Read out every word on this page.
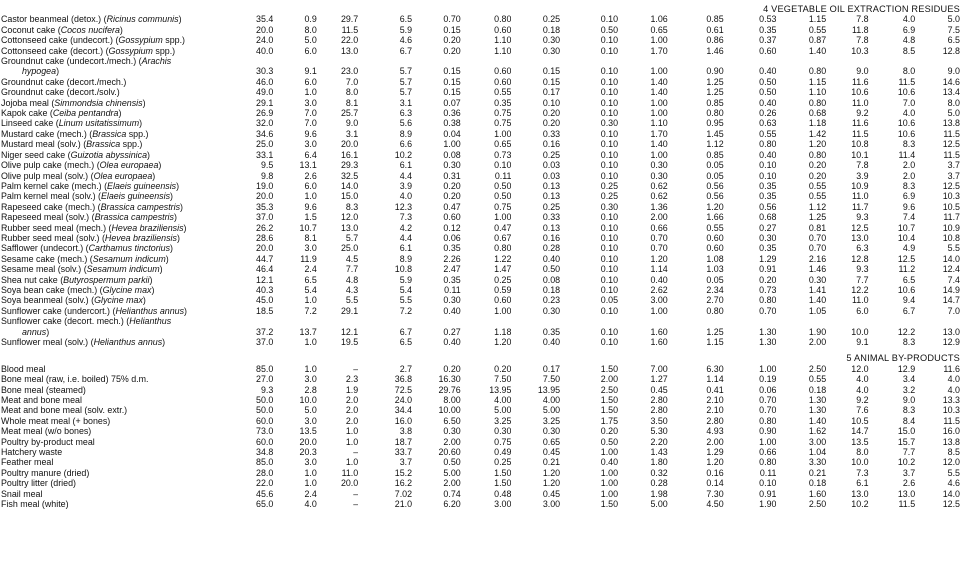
4 VEGETABLE OIL EXTRACTION RESIDUES															
Castor beanmeal (detox.) (Ricinus communis)	35.4	0.9	29.7	6.5	0.70	0.80	0.25	0.10	1.06	0.85	0.53	1.15	7.8	4.0	5.0
Coconut cake (Cocos nucifera)	20.0	8.0	11.5	5.9	0.15	0.60	0.18	0.50	0.65	0.61	0.35	0.55	11.8	6.9	7.5
Cottonseed cake (undecort.) (Gossypium spp.)	24.0	5.0	22.0	4.6	0.20	1.10	0.30	0.10	1.00	0.86	0.37	0.87	7.8	4.8	6.5
Cottonseed cake (decort.) (Gossypium spp.)	40.0	6.0	13.0	6.7	0.20	1.10	0.30	0.10	1.70	1.46	0.60	1.40	10.3	8.5	12.8
Groundnut cake (undecort./mech.) (Arachis															
hypogea)	30.3	9.1	23.0	5.7	0.15	0.60	0.15	0.10	1.00	0.90	0.40	0.80	9.0	8.0	9.0
Groundnut cake (decort./mech.)	46.0	6.0	7.0	5.7	0.15	0.60	0.15	0.10	1.40	1.25	0.50	1.15	11.6	11.5	14.6
Groundnut cake (decort./solv.)	49.0	1.0	8.0	5.7	0.15	0.55	0.17	0.10	1.40	1.25	0.50	1.10	10.6	10.6	13.4
Jojoba meal (Simmondsia chinensis)	29.1	3.0	8.1	3.1	0.07	0.35	0.10	0.10	1.00	0.85	0.40	0.80	11.0	7.0	8.0
Kapok cake (Ceiba pentandra)	26.9	7.0	25.7	6.3	0.36	0.75	0.20	0.10	1.00	0.80	0.26	0.68	9.2	4.0	5.0
Linseed cake (Linum usitatissimum)	32.0	7.0	9.0	5.6	0.38	0.75	0.20	0.30	1.10	0.95	0.63	1.18	11.6	10.6	13.8
Mustard cake (mech.) (Brassica spp.)	34.6	9.6	3.1	8.9	0.04	1.00	0.33	0.10	1.70	1.45	0.55	1.42	11.5	10.6	11.5
Mustard meal (solv.) (Brassica spp.)	25.0	3.0	20.0	6.6	1.00	0.65	0.16	0.10	1.40	1.12	0.80	1.20	10.8	8.3	12.5
Niger seed cake (Guizotia abyssinica)	33.1	6.4	16.1	10.2	0.08	0.73	0.25	0.10	1.00	0.85	0.40	0.80	10.1	11.4	11.5
Olive pulp cake (mech.) (Olea europaea)	9.5	13.1	29.3	6.1	0.30	0.10	0.03	0.10	0.30	0.05	0.10	0.20	7.8	2.0	3.7
Olive pulp meal (solv.) (Olea europaea)	9.8	2.6	32.5	4.4	0.31	0.11	0.03	0.10	0.30	0.05	0.10	0.20	3.9	2.0	3.7
Palm kernel cake (mech.) (Elaeis guineensis)	19.0	6.0	14.0	3.9	0.20	0.50	0.13	0.25	0.62	0.56	0.35	0.55	10.9	8.3	12.5
Palm kernel meal (solv.) (Elaeis guineensis)	20.0	1.0	15.0	4.0	0.20	0.50	0.13	0.25	0.62	0.56	0.35	0.55	11.0	6.9	10.3
Rapeseed cake (mech.) (Brassica campestris)	35.3	9.6	8.3	12.3	0.47	0.75	0.25	0.30	1.36	1.20	0.56	1.12	11.7	9.6	10.5
Rapeseed meal (solv.) (Brassica campestris)	37.0	1.5	12.0	7.3	0.60	1.00	0.33	0.10	2.00	1.66	0.68	1.25	9.3	7.4	11.7
Rubber seed meal (mech.) (Hevea braziliensis)	26.2	10.7	13.0	4.2	0.12	0.47	0.13	0.10	0.66	0.55	0.27	0.81	12.5	10.7	10.9
Rubber seed meal (solv.) (Hevea braziliensis)	28.6	8.1	5.7	4.4	0.06	0.67	0.16	0.10	0.70	0.60	0.30	0.70	13.0	10.4	10.8
Safflower (undecort.) (Carthamus tinctorius)	20.0	3.0	25.0	6.1	0.35	0.80	0.28	0.10	0.70	0.60	0.35	0.70	6.3	4.9	5.5
Sesame cake (mech.) (Sesamum indicum)	44.7	11.9	4.5	8.9	2.26	1.22	0.40	0.10	1.20	1.08	1.29	2.16	12.8	12.5	14.0
Sesame meal (solv.) (Sesamum indicum)	46.4	2.4	7.7	10.8	2.47	1.47	0.50	0.10	1.14	1.03	0.91	1.46	9.3	11.2	12.4
Shea nut cake (Butyrospermum parkii)	12.1	6.5	4.8	5.9	0.35	0.25	0.08	0.10	0.40	0.05	0.20	0.30	7.7	6.5	7.4
Soya bean cake (mech.) (Glycine max)	40.3	5.4	4.3	5.4	0.11	0.59	0.18	0.10	2.62	2.34	0.73	1.41	12.2	10.6	14.9
Soya beanmeal (solv.) (Glycine max)	45.0	1.0	5.5	5.5	0.30	0.60	0.23	0.05	3.00	2.70	0.80	1.40	11.0	9.4	14.7
Sunflower cake (undercort.) (Helianthus annus)	18.5	7.2	29.1	7.2	0.40	1.00	0.30	0.10	1.00	0.80	0.70	1.05	6.0	6.7	7.0
Sunflower cake (decort. mech.) (Helianthus															
annus)	37.2	13.7	12.1	6.7	0.27	1.18	0.35	0.10	1.60	1.25	1.30	1.90	10.0	12.2	13.0
Sunflower meal (solv.) (Helianthus annus)	37.0	1.0	19.5	6.5	0.40	1.20	0.40	0.10	1.60	1.15	1.30	2.00	9.1	8.3	12.9

5 ANIMAL BY-PRODUCTS															
Blood meal	85.0	1.0	–	2.7	0.20	0.20	0.17	1.50	7.00	6.30	1.00	2.50	12.0	12.9	11.6
Bone meal (raw, i.e. boiled) 75% d.m.	27.0	3.0	2.3	36.8	16.30	7.50	7.50	2.00	1.27	1.14	0.19	0.55	4.0	3.4	4.0
Bone meal (steamed)	9.3	2.8	1.9	72.5	29.76	13.95	13.95	2.50	0.45	0.41	0.06	0.18	4.0	3.2	4.0
Meat and bone meal	50.0	10.0	2.0	24.0	8.00	4.00	4.00	1.50	2.80	2.10	0.70	1.30	9.2	9.0	13.3
Meat and bone meal (solv. extr.)	50.0	5.0	2.0	34.4	10.00	5.00	5.00	1.50	2.80	2.10	0.70	1.30	7.6	8.3	10.3
Whole meat meal (+ bones)	60.0	3.0	2.0	16.0	6.50	3.25	3.25	1.75	3.50	2.80	0.80	1.40	10.5	8.4	11.5
Meat meal (w/o bones)	73.0	13.5	1.0	3.8	0.30	0.30	0.30	0.20	5.30	4.93	0.90	1.62	14.7	15.0	16.0
Poultry by-product meal	60.0	20.0	1.0	18.7	2.00	0.75	0.65	0.50	2.20	2.00	1.00	3.00	13.5	15.7	13.8
Hatchery waste	34.8	20.3	–	33.7	20.60	0.49	0.45	1.00	1.43	1.29	0.66	1.04	8.0	7.7	8.5
Feather meal	85.0	3.0	1.0	3.7	0.50	0.25	0.21	0.40	1.80	1.20	0.80	3.30	10.0	10.2	12.0
Poultry manure (dried)	28.0	1.0	11.0	15.2	5.00	1.50	1.20	1.00	0.32	0.16	0.11	0.21	7.3	3.7	5.5
Poultry litter (dried)	22.0	1.0	20.0	16.2	2.00	1.50	1.20	1.00	0.28	0.14	0.10	0.18	6.1	2.6	4.6
Snail meal	45.6	2.4	–	7.02	0.74	0.48	0.45	1.00	1.98	7.30	0.91	1.60	13.0	13.0	14.0
Fish meal (white)	65.0	4.0	–	21.0	6.20	3.00	3.00	1.50	5.00	4.50	1.90	2.50	10.2	11.5	12.5
